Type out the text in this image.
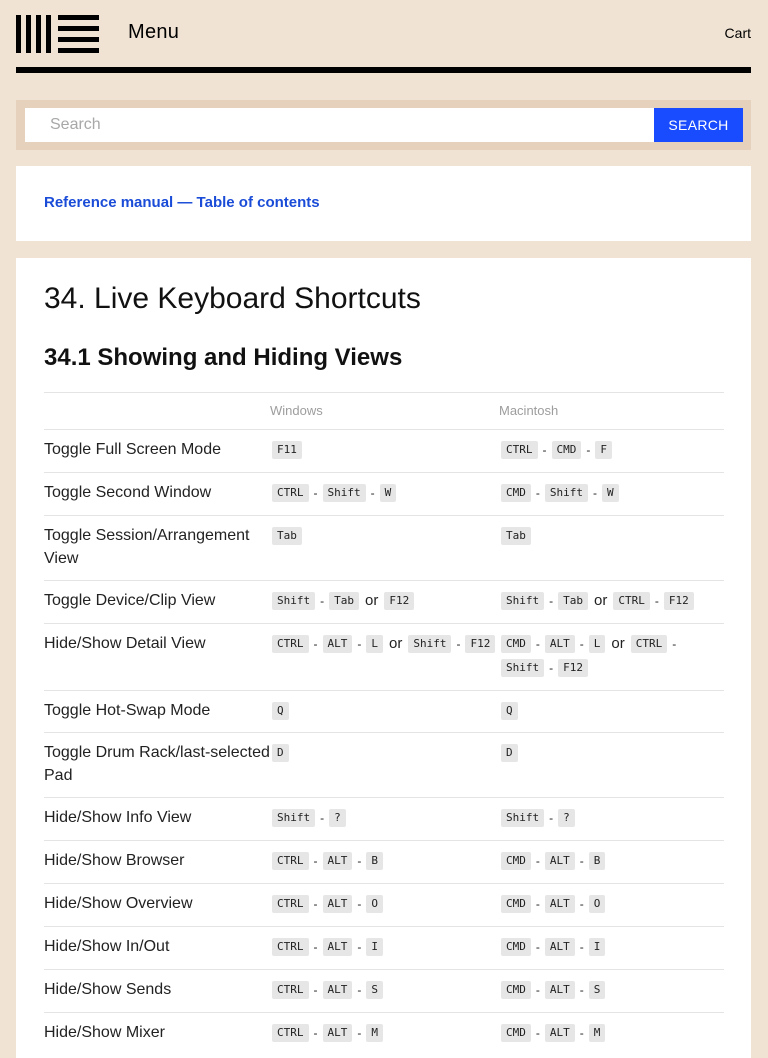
Menu	Cart
Search
SEARCH
Reference manual — Table of contents
34. Live Keyboard Shortcuts
34.1 Showing and Hiding Views
	Windows	Macintosh
Toggle Full Screen Mode	F11	CTRL - CMD - F
Toggle Second Window	CTRL - Shift - W	CMD - Shift - W
Toggle Session/Arrangement View	Tab	Tab
Toggle Device/Clip View	Shift - Tab or F12	Shift - Tab or CTRL - F12
Hide/Show Detail View	CTRL - ALT - L or Shift - F12	CMD - ALT - L or CTRL -Shift - F12
Toggle Hot-Swap Mode	Q	Q
Toggle Drum Rack/last-selected Pad	D	D
Hide/Show Info View	Shift - ?	Shift - ?
Hide/Show Browser	CTRL - ALT - B	CMD - ALT - B
Hide/Show Overview	CTRL - ALT - O	CMD - ALT - O
Hide/Show In/Out	CTRL - ALT - I	CMD - ALT - I
Hide/Show Sends	CTRL - ALT - S	CMD - ALT - S
Hide/Show Mixer	CTRL - ALT - M	CMD - ALT - M
